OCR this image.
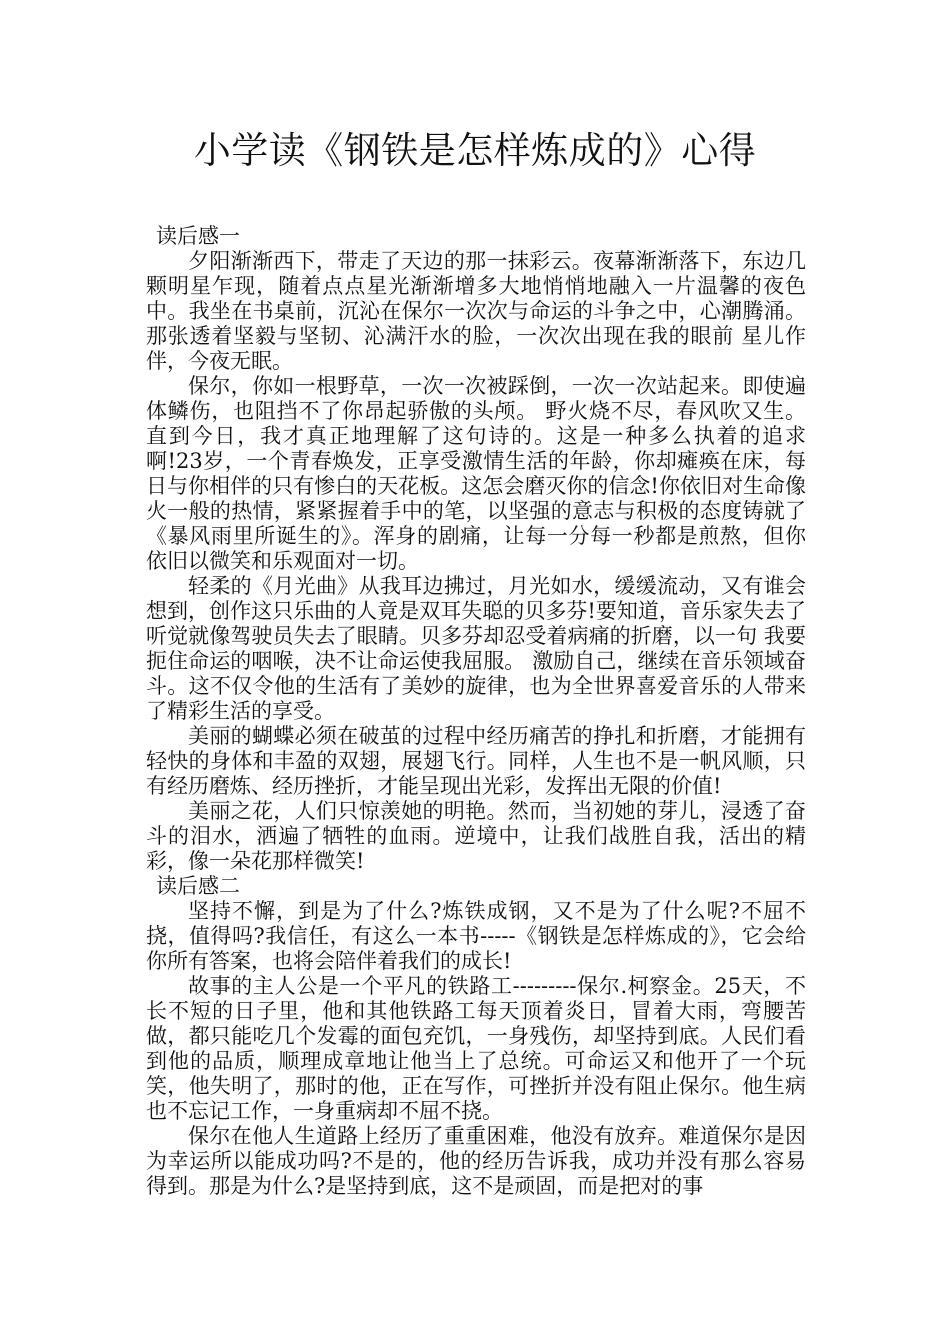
小学读《钢铁是怎样炼成的》心得

读后感一

夕阳渐渐西下，带走了天边的那一抹彩云。夜幕渐渐落下，东边几颗明星乍现，随着点点星光渐渐增多大地悄悄地融入一片温馨的夜色中。我坐在书桌前，沉沁在保尔一次次与命运的斗争之中，心潮腾涌。那张透着坚毅与坚韧、沁满汗水的脸，一次次出现在我的眼前 星儿作伴，今夜无眠。

保尔，你如一根野草，一次一次被踩倒，一次一次站起来。即使遍体鳞伤，也阻挡不了你昂起骄傲的头颅。 野火烧不尽，春风吹又生。 直到今日，我才真正地理解了这句诗的。这是一种多么执着的追求啊!23岁，一个青春焕发，正享受激情生活的年龄，你却瘫痪在床，每日与你相伴的只有惨白的天花板。这怎会磨灭你的信念!你依旧对生命像火一般的热情，紧紧握着手中的笔，以坚强的意志与积极的态度铸就了《暴风雨里所诞生的》。浑身的剧痛，让每一分每一秒都是煎熬，但你依旧以微笑和乐观面对一切。

轻柔的《月光曲》从我耳边拂过，月光如水，缓缓流动，又有谁会想到，创作这只乐曲的人竟是双耳失聪的贝多芬!要知道，音乐家失去了听觉就像驾驶员失去了眼睛。贝多芬却忍受着病痛的折磨，以一句 我要扼住命运的咽喉，决不让命运使我屈服。 激励自己，继续在音乐领域奋斗。这不仅令他的生活有了美妙的旋律，也为全世界喜爱音乐的人带来了精彩生活的享受。

美丽的蝴蝶必须在破茧的过程中经历痛苦的挣扎和折磨，才能拥有轻快的身体和丰盈的双翅，展翅飞行。同样，人生也不是一帆风顺，只有经历磨炼、经历挫折，才能呈现出光彩，发挥出无限的价值!

美丽之花，人们只惊羡她的明艳。然而，当初她的芽儿，浸透了奋斗的泪水，洒遍了牺牲的血雨。逆境中，让我们战胜自我，活出的精彩，像一朵花那样微笑!

读后感二

坚持不懈，到是为了什么?炼铁成钢，又不是为了什么呢?不屈不挠，值得吗?我信任，有这么一本书-----《钢铁是怎样炼成的》，它会给你所有答案，也将会陪伴着我们的成长!

故事的主人公是一个平凡的铁路工---------保尔.柯察金。25天，不长不短的日子里，他和其他铁路工每天顶着炎日，冒着大雨，弯腰苦做，都只能吃几个发霉的面包充饥，一身残伤，却坚持到底。人民们看到他的品质，顺理成章地让他当上了总统。可命运又和他开了一个玩笑，他失明了，那时的他，正在写作，可挫折并没有阻止保尔。他生病也不忘记工作，一身重病却不屈不挠。

保尔在他人生道路上经历了重重困难，他没有放弃。难道保尔是因为幸运所以能成功吗?不是的，他的经历告诉我，成功并没有那么容易得到。那是为什么?是坚持到底，这不是顽固，而是把对的事
